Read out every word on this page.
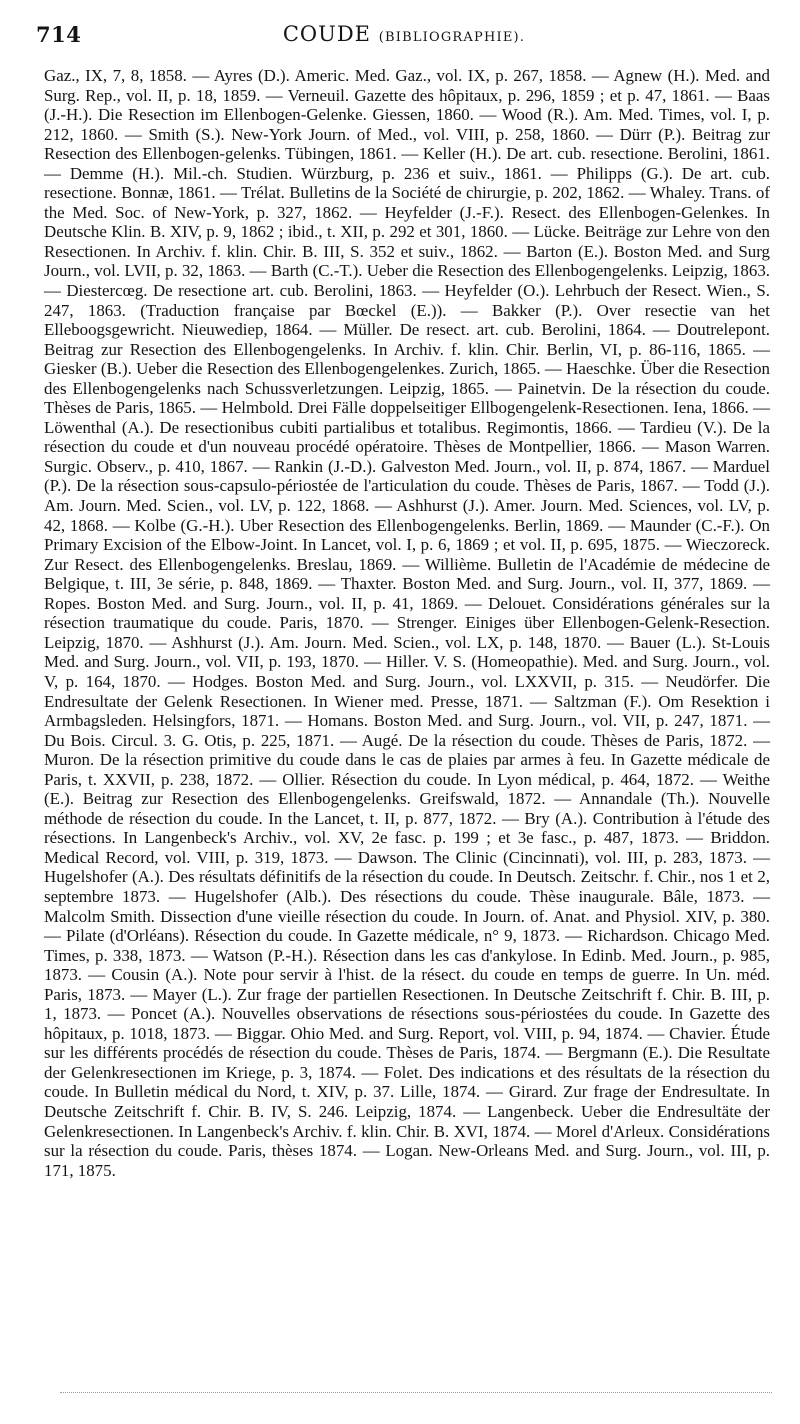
714	COUDE (BIBLIOGRAPHIE).

Gaz., IX, 7, 8, 1858. — Ayres (D.). Americ. Med. Gaz., vol. IX, p. 267, 1858. — Agnew (H.). Med. and Surg. Rep., vol. II, p. 18, 1859. — Verneuil. Gazette des hôpitaux, p. 296, 1859 ; et p. 47, 1861. — Baas (J.-H.). Die Resection im Ellenbogen-Gelenke. Giessen, 1860. — Wood (R.). Am. Med. Times, vol. I, p. 212, 1860. — Smith (S.). New-York Journ. of Med., vol. VIII, p. 258, 1860. — Dürr (P.). Beitrag zur Resection des Ellenbogen-gelenks. Tübingen, 1861. — Keller (H.). De art. cub. resectione. Berolini, 1861. — Demme (H.). Mil.-ch. Studien. Würzburg, p. 236 et suiv., 1861. — Philipps (G.). De art. cub. resectione. Bonnæ, 1861. — Trélat. Bulletins de la Société de chirurgie, p. 202, 1862. — Whaley. Trans. of the Med. Soc. of New-York, p. 327, 1862. — Heyfelder (J.-F.). Resect. des Ellenbogen-Gelenkes. In Deutsche Klin. B. XIV, p. 9, 1862 ; ibid., t. XII, p. 292 et 301, 1860. — Lücke. Beiträge zur Lehre von den Resectionen. In Archiv. f. klin. Chir. B. III, S. 352 et suiv., 1862. — Barton (E.). Boston Med. and Surg Journ., vol. LVII, p. 32, 1863. — Barth (C.-T.). Ueber die Resection des Ellenbogengelenks. Leipzig, 1863. — Diestercœg. De resectione art. cub. Berolini, 1863. — Heyfelder (O.). Lehrbuch der Resect. Wien., S. 247, 1863. (Traduction française par Bœckel (E.)). — Bakker (P.). Over resectie van het Elleboogsgewricht. Nieuwediep, 1864. — Müller. De resect. art. cub. Berolini, 1864. — Doutrelepont. Beitrag zur Resection des Ellenbogengelenks. In Archiv. f. klin. Chir. Berlin, VI, p. 86-116, 1865. — Giesker (B.). Ueber die Resection des Ellenbogengelenkes. Zurich, 1865. — Haeschke. Über die Resection des Ellenbogengelenks nach Schussverletzungen. Leipzig, 1865. — Painetvin. De la résection du coude. Thèses de Paris, 1865. — Helmbold. Drei Fälle doppelseitiger Ellbogengelenk-Resectionen. Iena, 1866. — Löwenthal (A.). De resectionibus cubiti partialibus et totalibus. Regimontis, 1866. — Tardieu (V.). De la résection du coude et d'un nouveau procédé opératoire. Thèses de Montpellier, 1866. — Mason Warren. Surgic. Observ., p. 410, 1867. — Rankin (J.-D.). Galveston Med. Journ., vol. II, p. 874, 1867. — Marduel (P.). De la résection sous-capsulo-périostée de l'articulation du coude. Thèses de Paris, 1867. — Todd (J.). Am. Journ. Med. Scien., vol. LV, p. 122, 1868. — Ashhurst (J.). Amer. Journ. Med. Sciences, vol. LV, p. 42, 1868. — Kolbe (G.-H.). Uber Resection des Ellenbogengelenks. Berlin, 1869. — Maunder (C.-F.). On Primary Excision of the Elbow-Joint. In Lancet, vol. I, p. 6, 1869 ; et vol. II, p. 695, 1875. — Wieczoreck. Zur Resect. des Ellenbogengelenks. Breslau, 1869. — Willième. Bulletin de l'Académie de médecine de Belgique, t. III, 3e série, p. 848, 1869. — Thaxter. Boston Med. and Surg. Journ., vol. II, 377, 1869. — Ropes. Boston Med. and Surg. Journ., vol. II, p. 41, 1869. — Delouet. Considérations générales sur la résection traumatique du coude. Paris, 1870. — Strenger. Einiges über Ellenbogen-Gelenk-Resection. Leipzig, 1870. — Ashhurst (J.). Am. Journ. Med. Scien., vol. LX, p. 148, 1870. — Bauer (L.). St-Louis Med. and Surg. Journ., vol. VII, p. 193, 1870. — Hiller. V. S. (Homeopathie). Med. and Surg. Journ., vol. V, p. 164, 1870. — Hodges. Boston Med. and Surg. Journ., vol. LXXVII, p. 315. — Neudörfer. Die Endresultate der Gelenk Resectionen. In Wiener med. Presse, 1871. — Saltzman (F.). Om Resektion i Armbagsleden. Helsingfors, 1871. — Homans. Boston Med. and Surg. Journ., vol. VII, p. 247, 1871. — Du Bois. Circul. 3. G. Otis, p. 225, 1871. — Augé. De la résection du coude. Thèses de Paris, 1872. — Muron. De la résection primitive du coude dans le cas de plaies par armes à feu. In Gazette médicale de Paris, t. XXVII, p. 238, 1872. — Ollier. Résection du coude. In Lyon médical, p. 464, 1872. — Weithe (E.). Beitrag zur Resection des Ellenbogengelenks. Greifswald, 1872. — Annandale (Th.). Nouvelle méthode de résection du coude. In the Lancet, t. II, p. 877, 1872. — Bry (A.). Contribution à l'étude des résections. In Langenbeck's Archiv., vol. XV, 2e fasc. p. 199 ; et 3e fasc., p. 487, 1873. — Briddon. Medical Record, vol. VIII, p. 319, 1873. — Dawson. The Clinic (Cincinnati), vol. III, p. 283, 1873. — Hugelshofer (A.). Des résultats définitifs de la résection du coude. In Deutsch. Zeitschr. f. Chir., nos 1 et 2, septembre 1873. — Hugelshofer (Alb.). Des résections du coude. Thèse inaugurale. Bâle, 1873. — Malcolm Smith. Dissection d'une vieille résection du coude. In Journ. of. Anat. and Physiol. XIV, p. 380. — Pilate (d'Orléans). Résection du coude. In Gazette médicale, n° 9, 1873. — Richardson. Chicago Med. Times, p. 338, 1873. — Watson (P.-H.). Résection dans les cas d'ankylose. In Edinb. Med. Journ., p. 985, 1873. — Cousin (A.). Note pour servir à l'hist. de la résect. du coude en temps de guerre. In Un. méd. Paris, 1873. — Mayer (L.). Zur frage der partiellen Resectionen. In Deutsche Zeitschrift f. Chir. B. III, p. 1, 1873. — Poncet (A.). Nouvelles observations de résections sous-périostées du coude. In Gazette des hôpitaux, p. 1018, 1873. — Biggar. Ohio Med. and Surg. Report, vol. VIII, p. 94, 1874. — Chavier. Étude sur les différents procédés de résection du coude. Thèses de Paris, 1874. — Bergmann (E.). Die Resultate der Gelenkresectionen im Kriege, p. 3, 1874. — Folet. Des indications et des résultats de la résection du coude. In Bulletin médical du Nord, t. XIV, p. 37. Lille, 1874. — Girard. Zur frage der Endresultate. In Deutsche Zeitschrift f. Chir. B. IV, S. 246. Leipzig, 1874. — Langenbeck. Ueber die Endresultäte der Gelenkresectionen. In Langenbeck's Archiv. f. klin. Chir. B. XVI, 1874. — Morel d'Arleux. Considérations sur la résection du coude. Paris, thèses 1874. — Logan. New-Orleans Med. and Surg. Journ., vol. III, p. 171, 1875.
